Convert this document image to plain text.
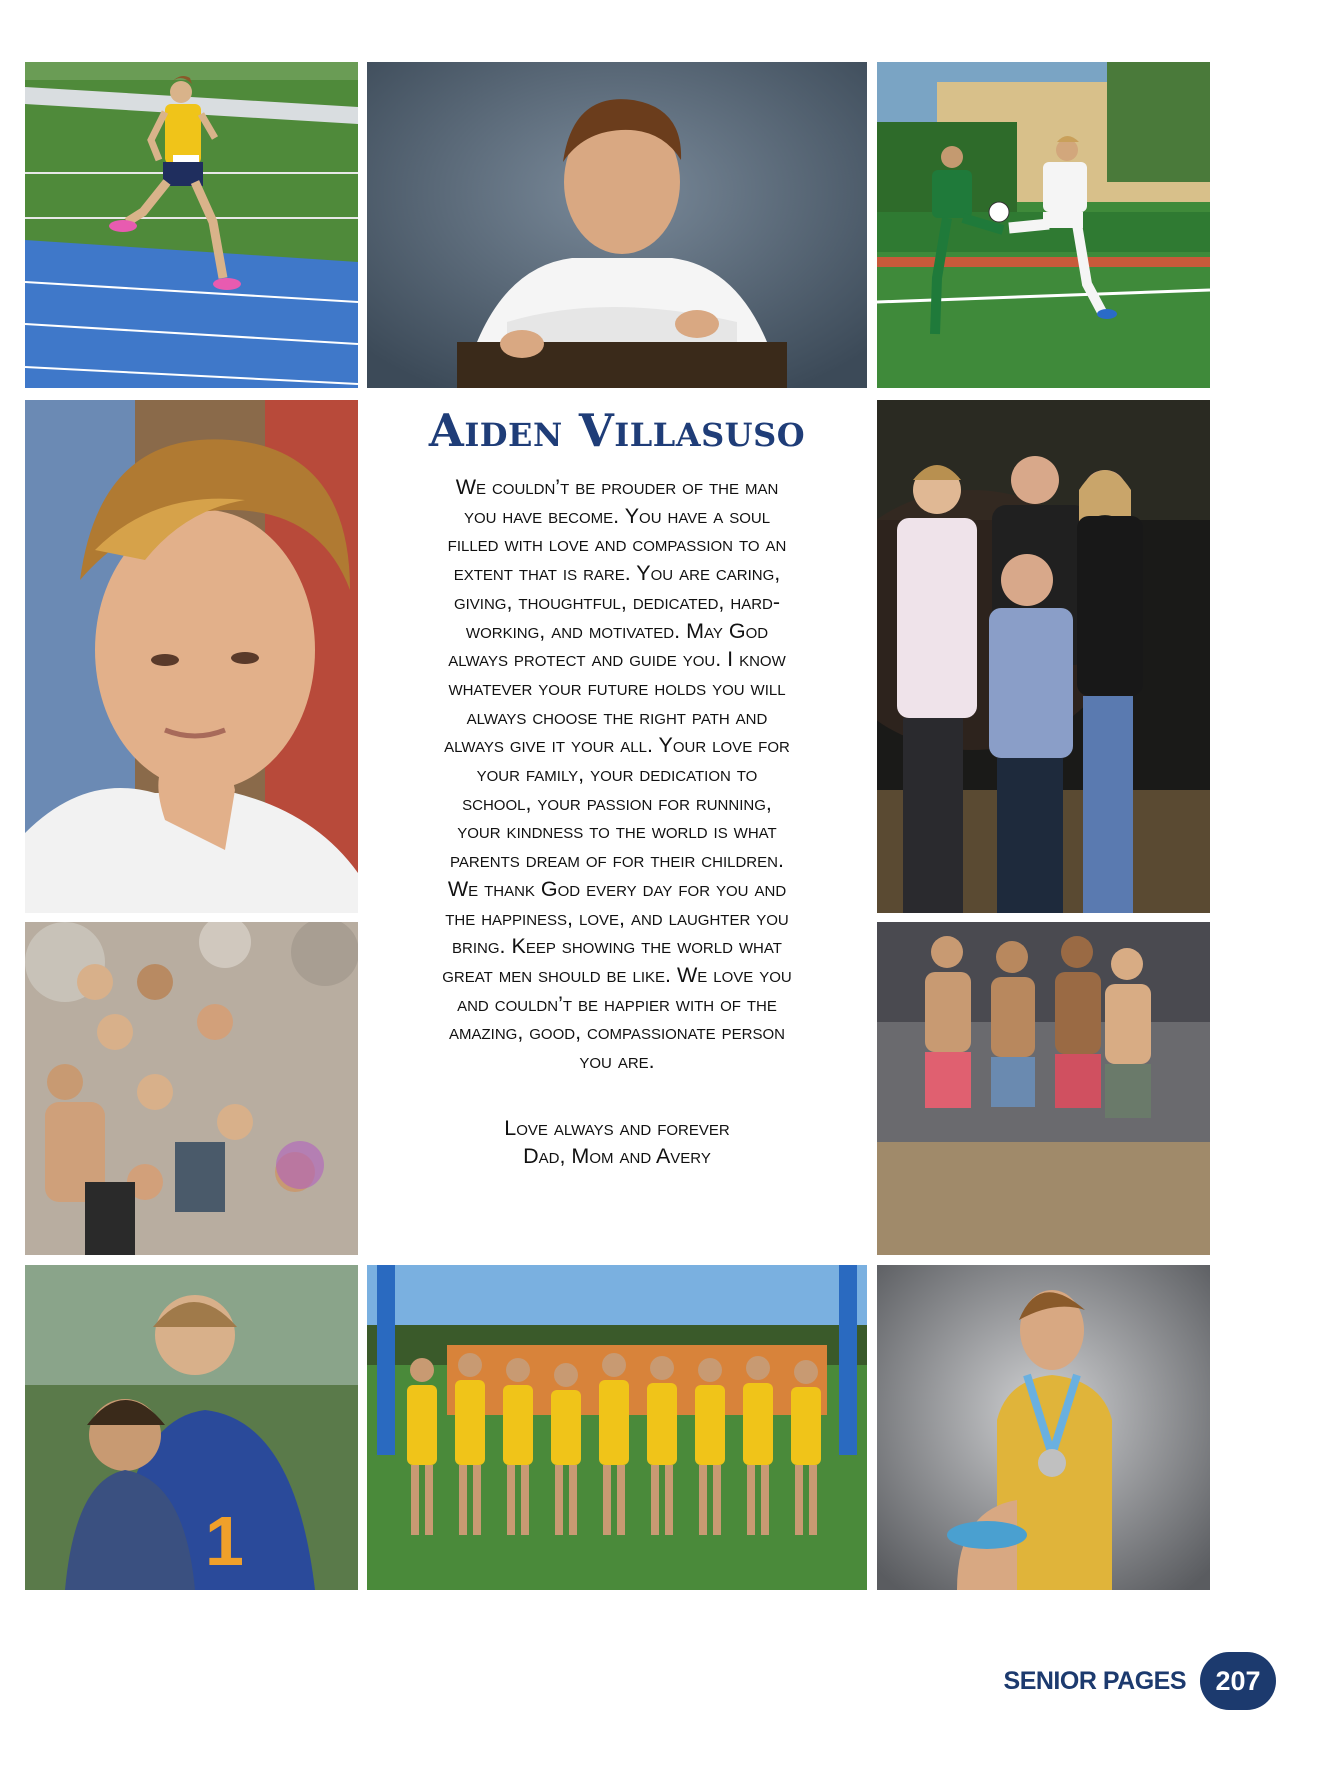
1
Aiden Villasuso
We couldn’t be prouder of the man
you have become. You have a soul
filled with love and compassion to an
extent that is rare. You are caring,
giving, thoughtful, dedicated, hard-
working, and motivated. May God
always protect and guide you. I know
whatever your future holds you will
always choose the right path and
always give it your all. Your love for
your family, your dedication to
school, your passion for running,
your kindness to the world is what
parents dream of for their children.
We thank God every day for you and
the happiness, love, and laughter you
bring. Keep showing the world what
great men should be like. We love you
and couldn’t be happier with of the
amazing, good, compassionate person
you are.
Love always and forever
Dad, Mom and Avery
SENIOR PAGES	207
